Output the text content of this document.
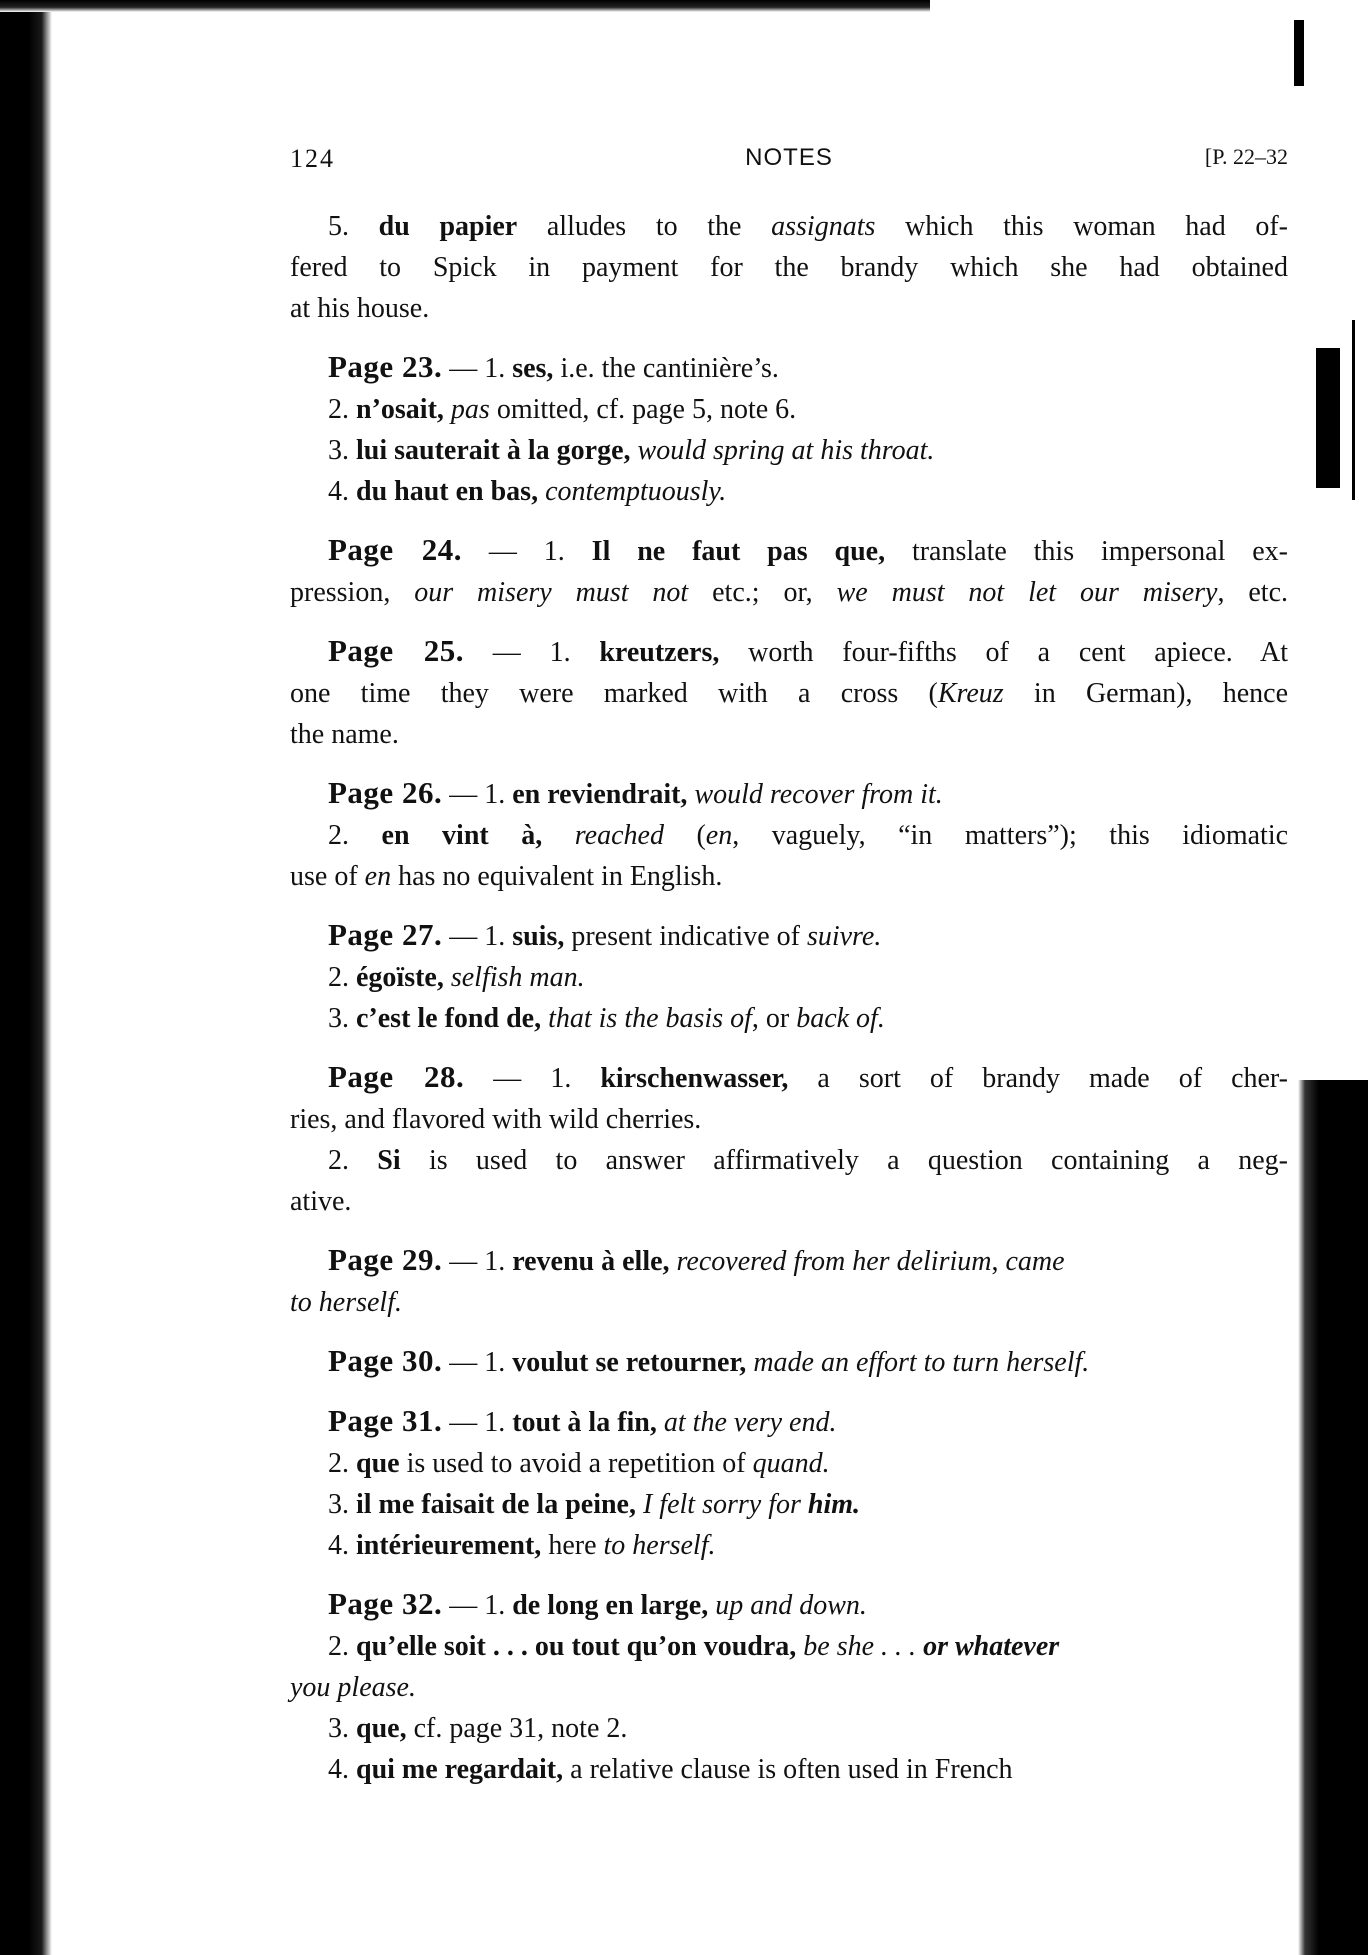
124	NOTES	[P. 22–32

5. du papier alludes to the assignats which this woman had of-

fered to Spick in payment for the brandy which she had obtained

at his house.

Page 23. — 1. ses, i.e. the cantinière’s.

2. n’osait, pas omitted, cf. page 5, note 6.

3. lui sauterait à la gorge, would spring at his throat.

4. du haut en bas, contemptuously.

Page 24. — 1. Il ne faut pas que, translate this impersonal ex-

pression, our misery must not etc.; or, we must not let our misery, etc.

Page 25. — 1. kreutzers, worth four-fifths of a cent apiece. At

one time they were marked with a cross (Kreuz in German), hence

the name.

Page 26. — 1. en reviendrait, would recover from it.

2. en vint à, reached (en, vaguely, “in matters”); this idiomatic

use of en has no equivalent in English.

Page 27. — 1. suis, present indicative of suivre.

2. égoïste, selfish man.

3. c’est le fond de, that is the basis of, or back of.

Page 28. — 1. kirschenwasser, a sort of brandy made of cher-

ries, and flavored with wild cherries.

2. Si is used to answer affirmatively a question containing a neg-

ative.

Page 29. — 1. revenu à elle, recovered from her delirium, came

to herself.

Page 30. — 1. voulut se retourner, made an effort to turn herself.

Page 31. — 1. tout à la fin, at the very end.

2. que is used to avoid a repetition of quand.

3. il me faisait de la peine, I felt sorry for him.

4. intérieurement, here to herself.

Page 32. — 1. de long en large, up and down.

2. qu’elle soit . . . ou tout qu’on voudra, be she . . . or whatever

you please.

3. que, cf. page 31, note 2.

4. qui me regardait, a relative clause is often used in French
